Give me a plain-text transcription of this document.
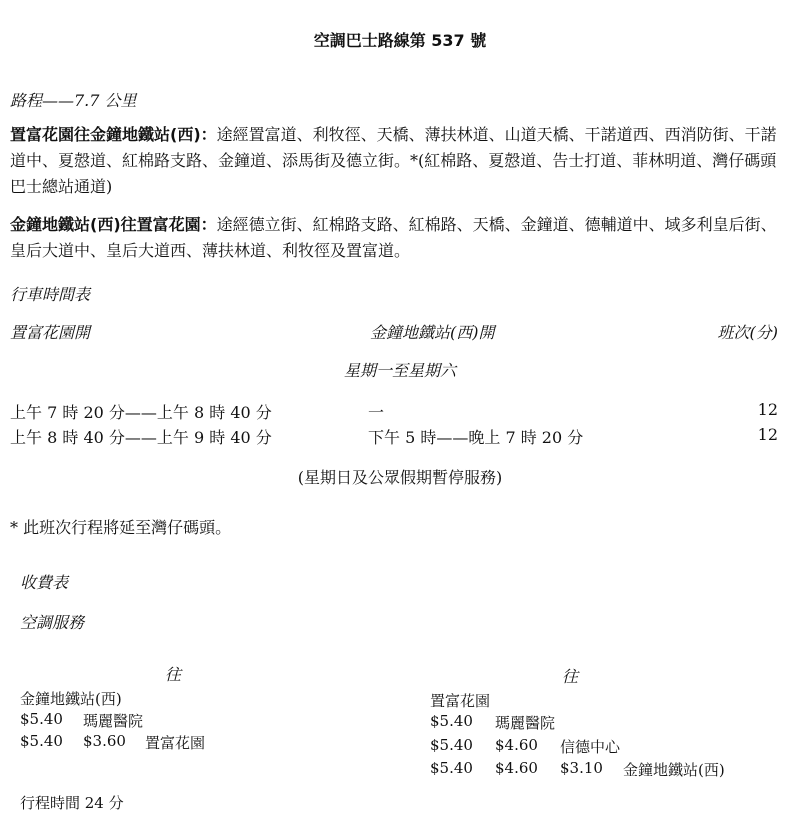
空調巴士路線第 537 號
路程——7.7 公里
置富花園往金鐘地鐵站(西)：途經置富道、利牧徑、天橋、薄扶林道、山道天橋、干諾道西、西消防街、干諾道中、夏慤道、紅棉路支路、金鐘道、添馬街及德立街。*(紅棉路、夏慤道、告士打道、菲林明道、灣仔碼頭巴士總站通道)
金鐘地鐵站(西)往置富花園：途經德立街、紅棉路支路、紅棉路、天橋、金鐘道、德輔道中、域多利皇后街、皇后大道中、皇后大道西、薄扶林道、利牧徑及置富道。
行車時間表
置富花園開	金鐘地鐵站(西)開	班次(分)
星期一至星期六
上午 7 時 20 分——上午 8 時 40 分	一	12
上午 8 時 40 分——上午 9 時 40 分	下午 5 時——晚上 7 時 20 分	12
(星期日及公眾假期暫停服務)
* 此班次行程將延至灣仔碼頭。
收費表
空調服務
往
金鐘地鐵站(西)
$5.40 瑪麗醫院
$5.40 $3.60 置富花園
往
置富花園
$5.40 瑪麗醫院
$5.40 $4.60 信德中心
$5.40 $4.60 $3.10 金鐘地鐵站(西)
行程時間 24 分
